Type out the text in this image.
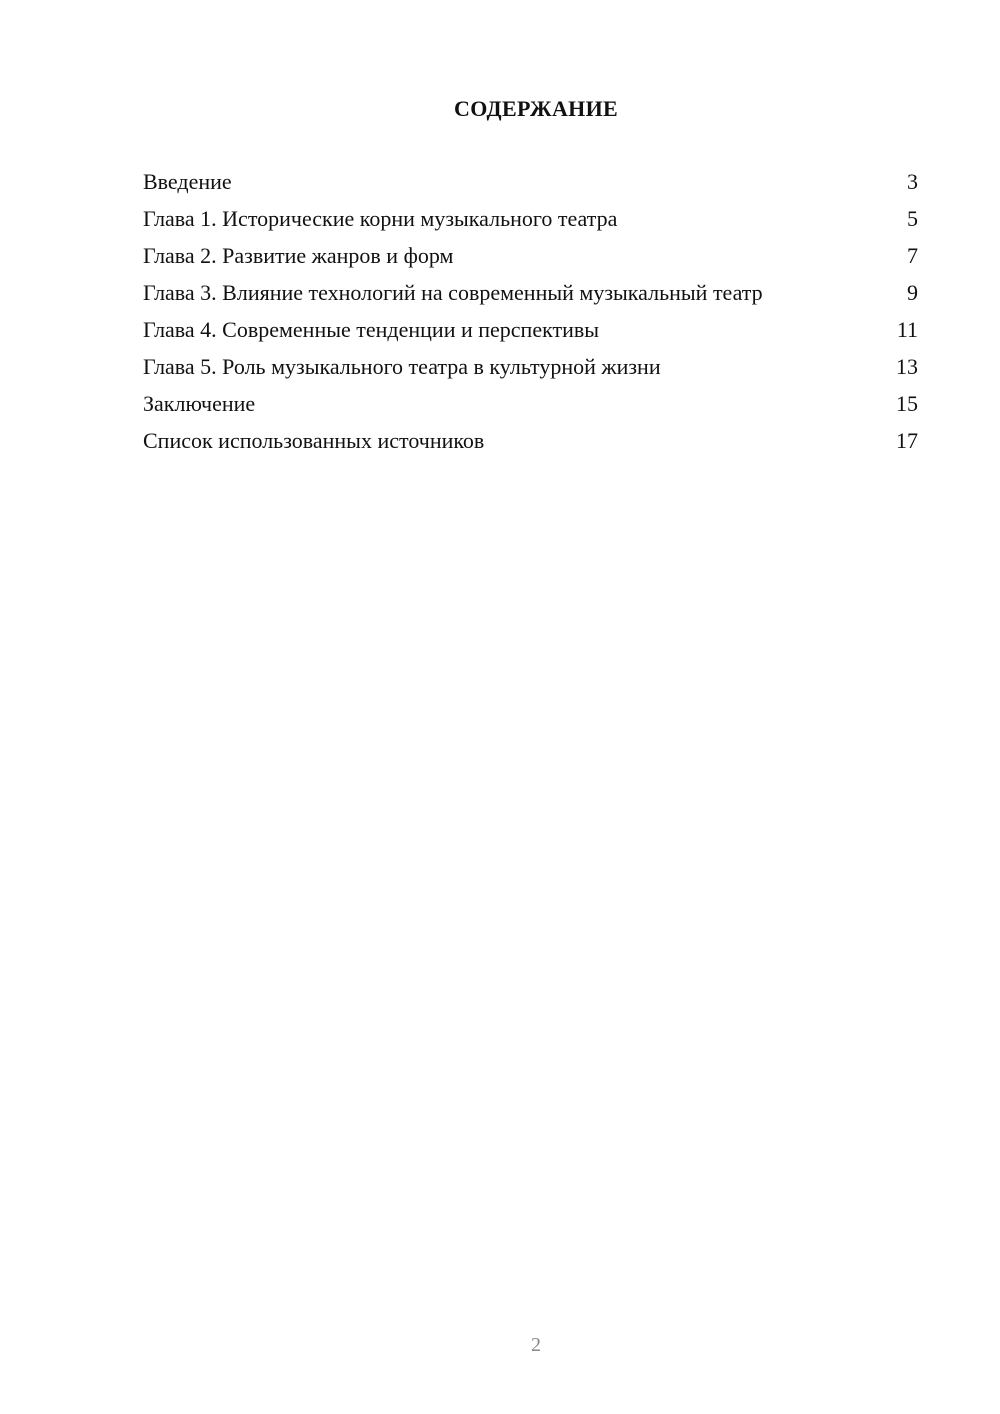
СОДЕРЖАНИЕ
Введение	3
Глава 1. Исторические корни музыкального театра	5
Глава 2. Развитие жанров и форм	7
Глава 3. Влияние технологий на современный музыкальный театр	9
Глава 4. Современные тенденции и перспективы	11
Глава 5. Роль музыкального театра в культурной жизни	13
Заключение	15
Список использованных источников	17
2
